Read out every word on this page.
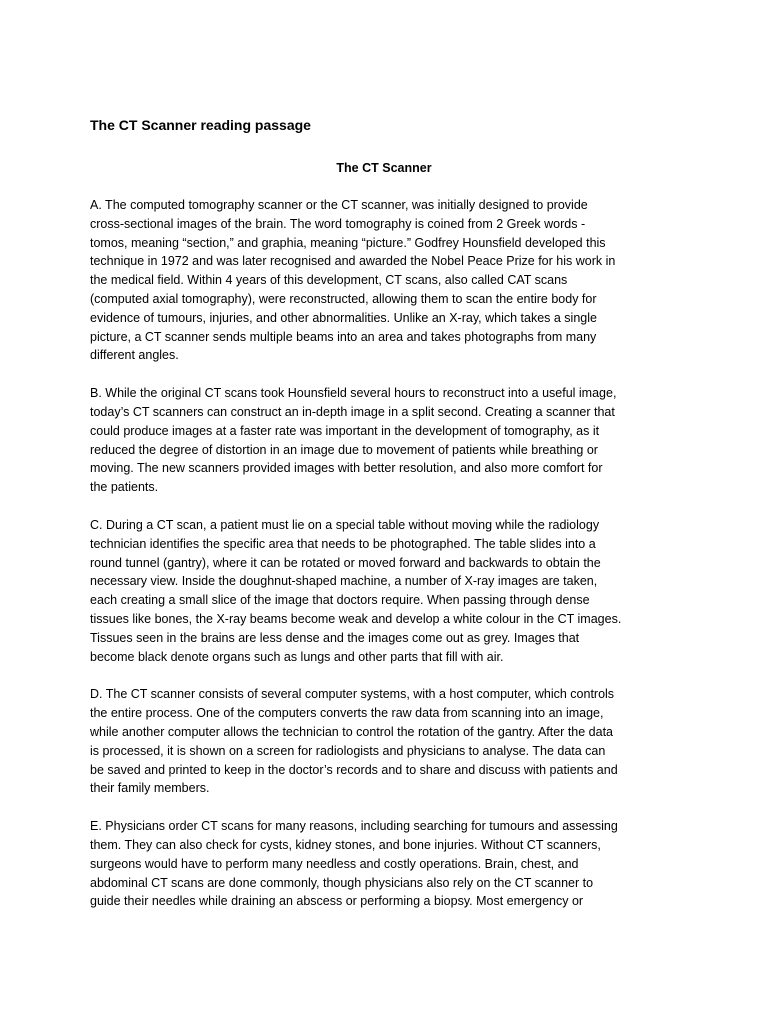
The CT Scanner reading passage
The CT Scanner

A. The computed tomography scanner or the CT scanner, was initially designed to provide
cross-sectional images of the brain. The word tomography is coined from 2 Greek words -
tomos, meaning “section,” and graphia, meaning “picture.” Godfrey Hounsfield developed this
technique in 1972 and was later recognised and awarded the Nobel Peace Prize for his work in
the medical field. Within 4 years of this development, CT scans, also called CAT scans
(computed axial tomography), were reconstructed, allowing them to scan the entire body for
evidence of tumours, injuries, and other abnormalities. Unlike an X-ray, which takes a single
picture, a CT scanner sends multiple beams into an area and takes photographs from many
different angles.

B. While the original CT scans took Hounsfield several hours to reconstruct into a useful image,
today’s CT scanners can construct an in-depth image in a split second. Creating a scanner that
could produce images at a faster rate was important in the development of tomography, as it
reduced the degree of distortion in an image due to movement of patients while breathing or
moving. The new scanners provided images with better resolution, and also more comfort for
the patients.

C. During a CT scan, a patient must lie on a special table without moving while the radiology
technician identifies the specific area that needs to be photographed. The table slides into a
round tunnel (gantry), where it can be rotated or moved forward and backwards to obtain the
necessary view. Inside the doughnut-shaped machine, a number of X-ray images are taken,
each creating a small slice of the image that doctors require. When passing through dense
tissues like bones, the X-ray beams become weak and develop a white colour in the CT images.
Tissues seen in the brains are less dense and the images come out as grey. Images that
become black denote organs such as lungs and other parts that fill with air.

D. The CT scanner consists of several computer systems, with a host computer, which controls
the entire process. One of the computers converts the raw data from scanning into an image,
while another computer allows the technician to control the rotation of the gantry. After the data
is processed, it is shown on a screen for radiologists and physicians to analyse. The data can
be saved and printed to keep in the doctor’s records and to share and discuss with patients and
their family members.

E. Physicians order CT scans for many reasons, including searching for tumours and assessing
them. They can also check for cysts, kidney stones, and bone injuries. Without CT scanners,
surgeons would have to perform many needless and costly operations. Brain, chest, and
abdominal CT scans are done commonly, though physicians also rely on the CT scanner to
guide their needles while draining an abscess or performing a biopsy. Most emergency or
